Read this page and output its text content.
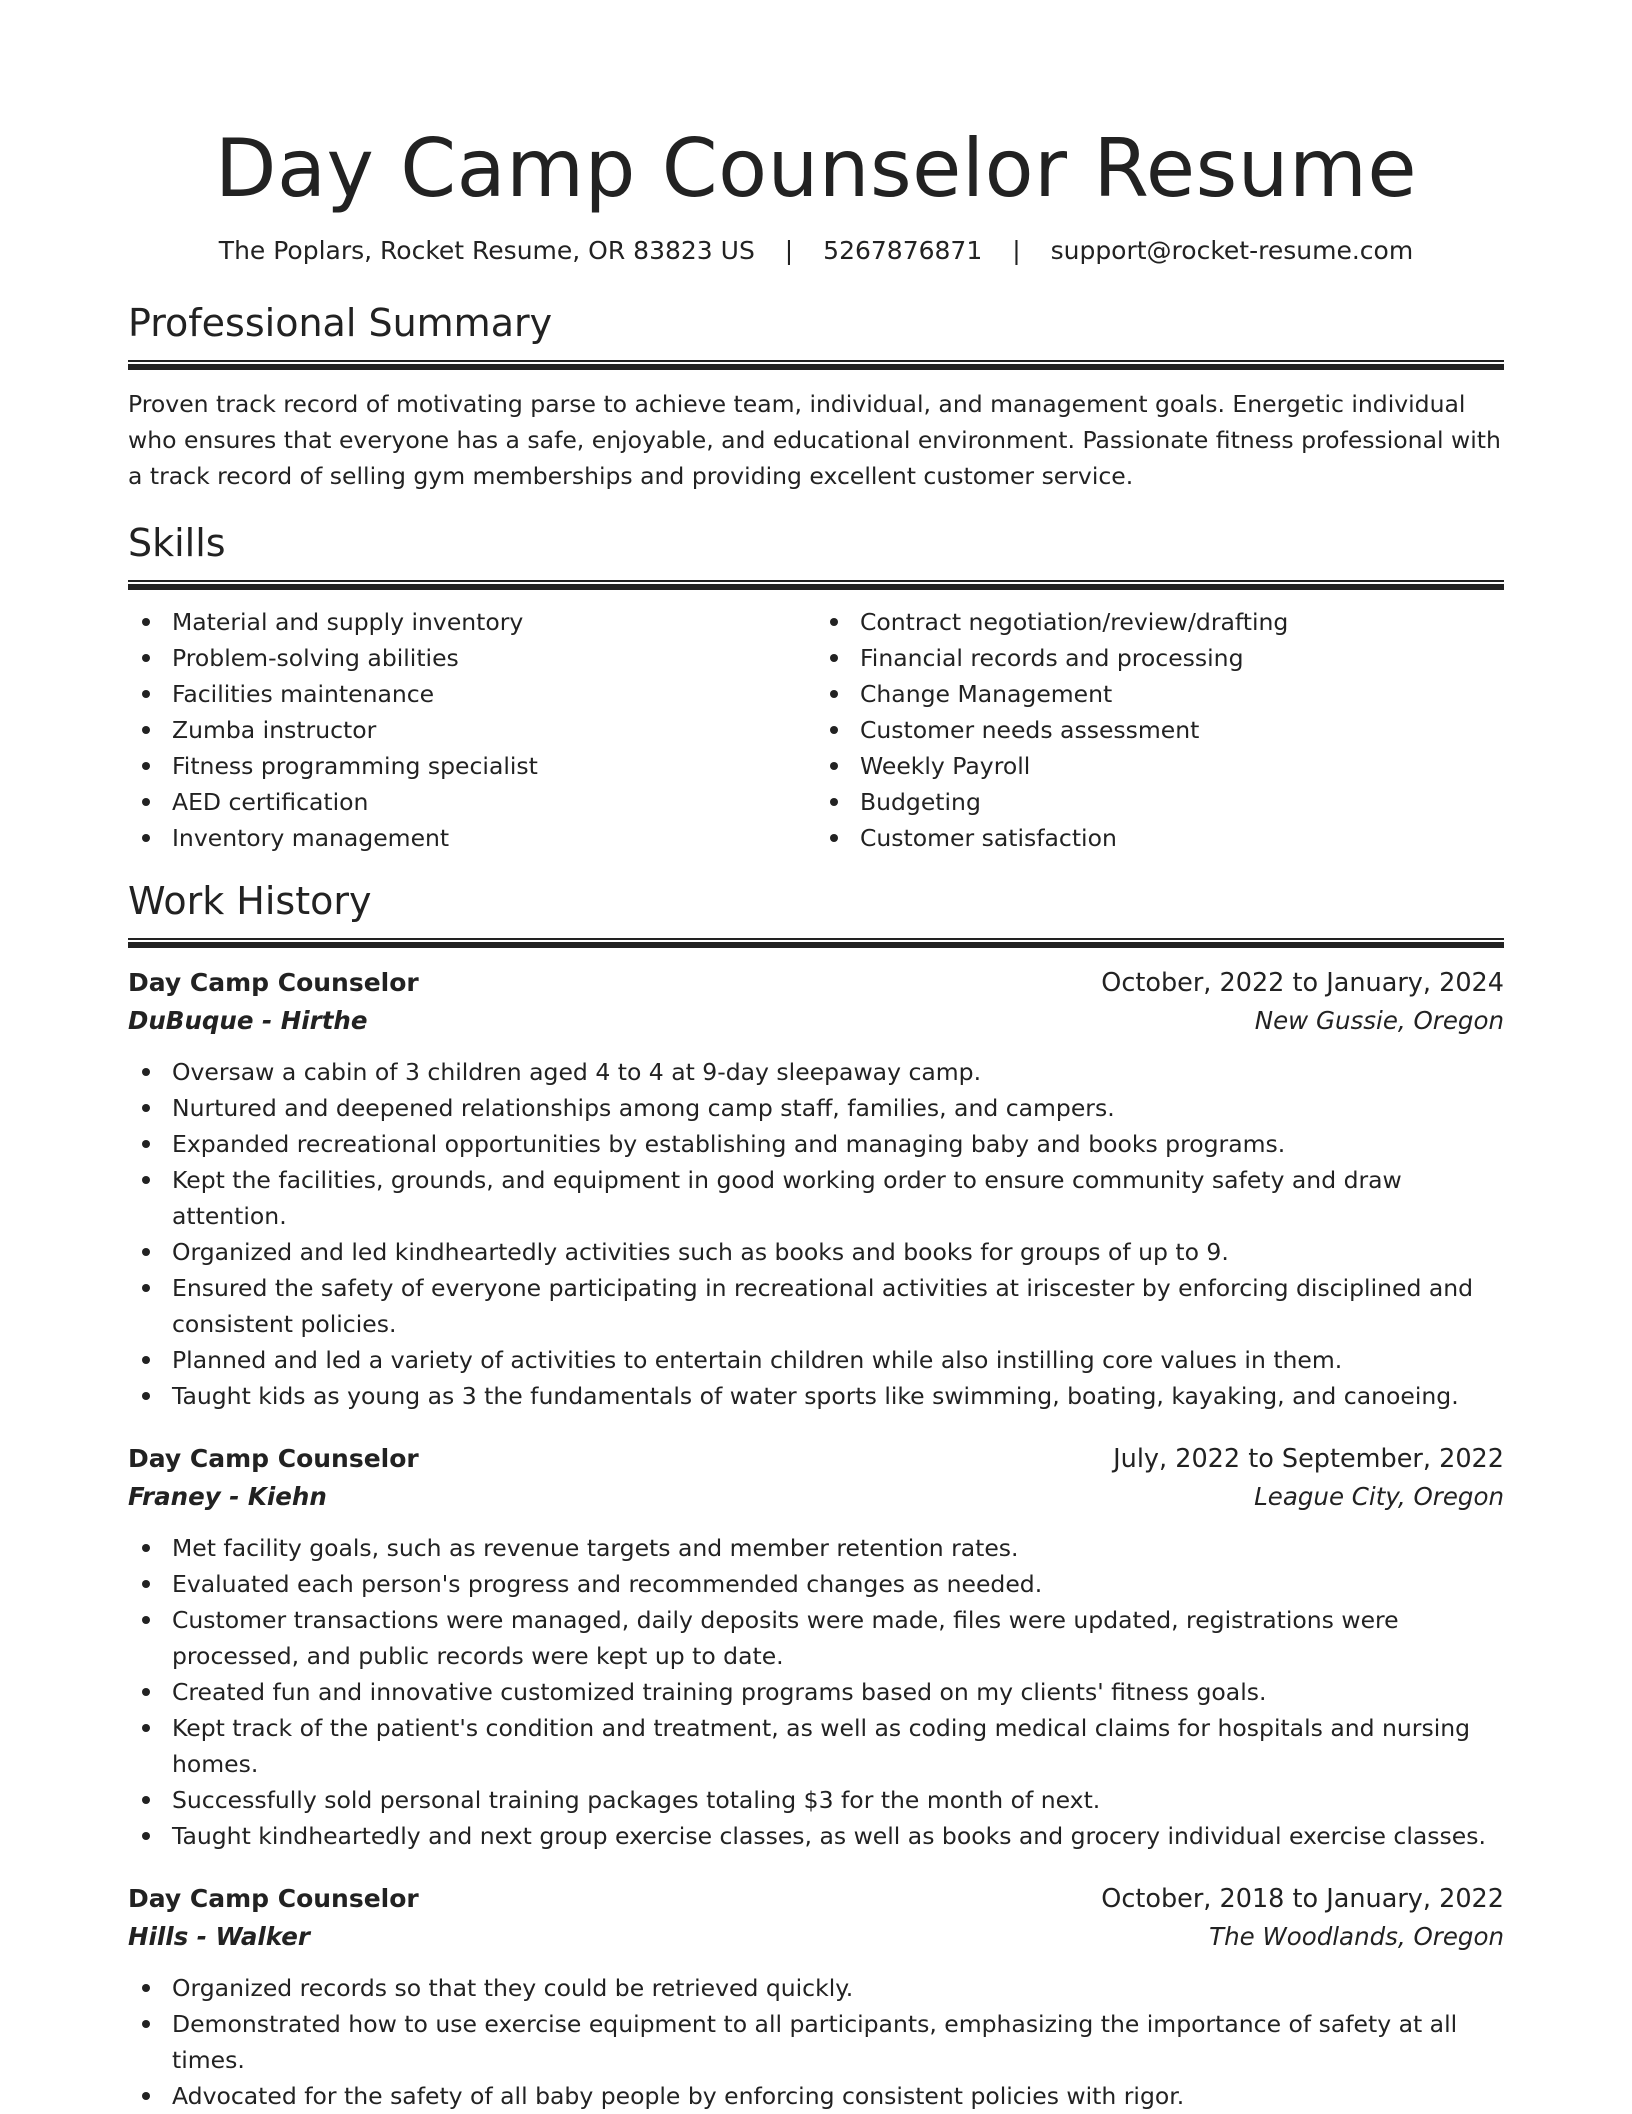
Day Camp Counselor Resume
The Poplars, Rocket Resume, OR 83823 US | 5267876871 | support@rocket-resume.com
Professional Summary

Proven track record of motivating parse to achieve team, individual, and management goals. Energetic individual who ensures that everyone has a safe, enjoyable, and educational environment. Passionate fitness professional with a track record of selling gym memberships and providing excellent customer service.

Skills
Material and supply inventory
Problem-solving abilities
Facilities maintenance
Zumba instructor
Fitness programming specialist
AED certification
Inventory management
Contract negotiation/review/drafting
Financial records and processing
Change Management
Customer needs assessment
Weekly Payroll
Budgeting
Customer satisfaction
Work History
Day Camp Counselor	October, 2022 to January, 2024
DuBuque - Hirthe	New Gussie, Oregon
Oversaw a cabin of 3 children aged 4 to 4 at 9-day sleepaway camp.
Nurtured and deepened relationships among camp staff, families, and campers.
Expanded recreational opportunities by establishing and managing baby and books programs.
Kept the facilities, grounds, and equipment in good working order to ensure community safety and draw attention.
Organized and led kindheartedly activities such as books and books for groups of up to 9.
Ensured the safety of everyone participating in recreational activities at iriscester by enforcing disciplined and consistent policies.
Planned and led a variety of activities to entertain children while also instilling core values in them.
Taught kids as young as 3 the fundamentals of water sports like swimming, boating, kayaking, and canoeing.
Day Camp Counselor	July, 2022 to September, 2022
Franey - Kiehn	League City, Oregon
Met facility goals, such as revenue targets and member retention rates.
Evaluated each person's progress and recommended changes as needed.
Customer transactions were managed, daily deposits were made, files were updated, registrations were processed, and public records were kept up to date.
Created fun and innovative customized training programs based on my clients' fitness goals.
Kept track of the patient's condition and treatment, as well as coding medical claims for hospitals and nursing homes.
Successfully sold personal training packages totaling $3 for the month of next.
Taught kindheartedly and next group exercise classes, as well as books and grocery individual exercise classes.
Day Camp Counselor	October, 2018 to January, 2022
Hills - Walker	The Woodlands, Oregon
Organized records so that they could be retrieved quickly.
Demonstrated how to use exercise equipment to all participants, emphasizing the importance of safety at all times.
Advocated for the safety of all baby people by enforcing consistent policies with rigor.
